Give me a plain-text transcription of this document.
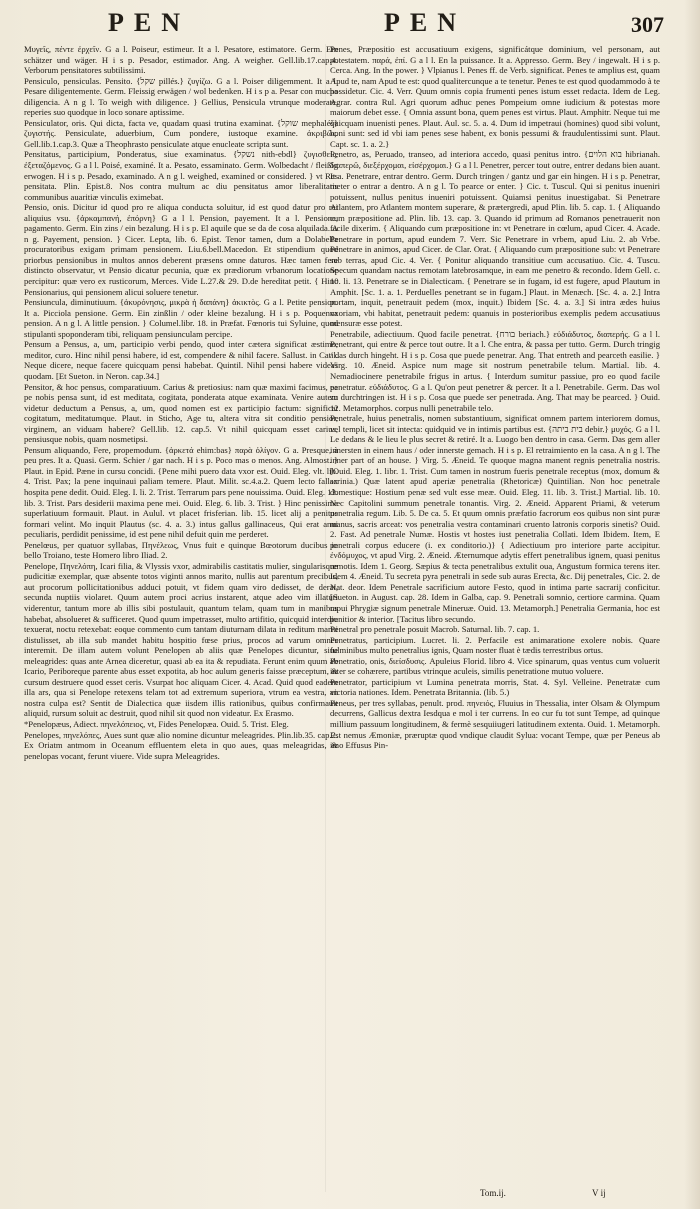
PEN	PEN	307

Μυγεῖς, πέντε ἐρχεῖν. G a l. Poiseur, estimeur. It a l. Pesatore, estimatore. Germ. Ein schätzer und wäger. H i s p. Pesador, estimador. Ang. A weigher. Gell.lib.17.cap.4. Verborum pensitatores subtilissimi.

Pensiculo, pensiculas. Pensito. {שקל pillés.} ζυγίζω. G a l. Poiser diligemment. It a l. Pesare diligentemente. Germ. Fleissig erwägen / wol bedenken. H i s p a. Pesar con mucha diligencia. A n g l. To weigh with diligence. } Gellius, Pensicula vtrunque moderate, reperies suo quodque in loco sonare aptissime.

Pensiculator, oris. Qui dicta, facta ve, quadam quasi trutina examinat. {שוקל mephaléš} ζυγιστής. Pensiculate, aduerbium, Cum pondere, iustoque examine. ἀκριβῶς. Gell.lib.1.cap.3. Quæ a Theophrasto pensiculate atque enucleate scripta sunt.

Pensitatus, participium, Ponderatus, siue examinatus. {נשקל nith-ebdl} ζυγισθείς, ἐξεταζόμενος. G a l l. Poisé, examiné. It a. Pesato, essaminato. Germ. Wolbedacht / fleißig erwogen. H i s p. Pesado, examinado. A n g l. weighed, examined or considered. } vt Res pensitata. Plin. Epist.8. Nos contra multum ac diu pensitatus amor liberalitatis communibus auaritiæ vinculis eximebat.

Pensio, onis. Dicitur id quod pro re aliqua conducta soluitur, id est quod datur pro rei aliquius vsu. {ἀρκαμπανή, ἐπόρνη} G a l l. Pension, payement. It a l. Pensione, pagamento. Germ. Ein zins / ein bezalung. H i s p. El aquile que se da de cosa alquilada. A n g. Payement, pension. } Cicer. Lepta, lib. 6. Epist. Tenor tamen, dum a Dolabella procuratoribus exigam primam pensionem. Liu.6.bell.Macedon. Et stipendium quod priorbus pensionibus in multos annos deberent præsens omne daturos. Hæc tamen fere distincto observatur, vt Pensio dicatur pecunia, quæ ex prædiorum vrbanorum locatione percipitur: quæ vero ex rusticorum, Merces. Vide L.27.& 29. D.de hereditat petit. { Hinc Pensionarius, qui pensionem alicui soluere tenetur.

Pensiuncula, diminutiuum. {ἀκυρόνησις, μικρὰ ἡ δαπάνη} ἀκικτὸς. G a l. Petite pension. It a. Picciola pensione. Germ. Ein zinßlin / oder kleine bezalung. H i s p. Poquenna pension. A n g l. A little pension. } Columel.libr. 18. in Præfat. Fœnoris tui Syluine, quod stipulanti spoponderam tibi, reliquam pensiunculam percipe.

Pensum a Pensus, a, um, participio verbi pendo, quod inter cætera significat æstimo, meditor, curo. Hinc nihil pensi habere, id est, compendere & nihil facere. Sallust. in Catil. Neque dicere, neque facere quicquam pensi habebat. Quintil. Nihil pensi habere videas quodam. [Et Sueton. in Neron. cap.34.]

Pensitor, & hoc pensus, comparatiuum. Carius & pretiosius: nam quæ maximi facimus, ea pe nobis pensa sunt, id est meditata, cogitata, ponderata atque examinata. Venire autem videtur deductum a Pensus, a, um, quod nomen est ex participio factum: significat cogitatum, meditatumque. Plaut. in Sticho, Age tu, altera vitra sit conditio pensior, virginem, an viduam habere? Gell.lib. 12. cap.5. Vt nihil quicquam esset carius, pensiusque nobis, quam nosmetipsi.

Pensum aliquando, Fere, propemodum. {ἀρκετά ehim:bas} παρὰ ὀλίγον. G a. Presque, à peu pres. It a. Quasi. Germ. Schier / gar nach. H i s p. Poco mas o menos. Ang. Almost. } Plaut. in Epid. Pæne in cursu concidi. {Pene mihi puero data vxor est. Ouid. Eleg. vlt. lib. 4. Trist. Pax; la pene inquinaui paliam temere. Plaut. Milit. sc.4.a.2. Quem lecto fallax hospita pene dedit. Ouid. Eleg. I. li. 2. Trist. Terrarum pars pene nouissima. Ouid. Eleg. 13. lib. 3. Trist. Pars desiderii maxima pene mei. Ouid. Eleg. 6. lib. 3. Trist. } Hinc penissime superlatiuum formauit. Plaut. in Aulul. vt placet frisferian. lib. 15. licet alij a penitus formari velint. Mo inquit Plautus (sc. 4. a. 3.) intus gallus gallinaceus, Qui erat anui peculiaris, perdidit penissime, id est pene nihil defuit quin me perderet.

Penelœus, per quatuor syllabas, Πηνέλεως, Vnus fuit e quinque Bœotorum ducibus in bello Troiano, teste Homero libro Iliad. 2.

Penelope, Πηνελόπη, Icari filia, & Vlyssis vxor, admirabilis castitatis mulier, singularisque pudicitiæ exemplar, quæ absente totos viginti annos marito, nullis aut parentum precibus, aut procorum pollicitationibus adduci potuit, vt fidem quam viro dedisset, de derat, secunda nuptiis violaret. Quum autem proci acrius instarent, atque adeo vim illaturi viderentur, tantum more ab illis sibi postulauit, quantum telam, quam tum in manibus habebat, absolueret & sufficeret. Quod quum impetrasset, multo artifitio, quicquid interdiu texuerat, noctu retexebat: eoque commento cum tantam diuturnam dilata in reditum mariti distulisset, ab illa sub mandet habitu hospitio fœse prius, procos ad varum omnes interemit. De illam autem volunt Penelopen ab aliis quæ Penelopes dicuntur, siue meleagrides: quas ante Arnea diceretur, quasi ab ea ita & repudiata. Ferunt enim quum ab Icario, Periboreque parente abus esset expotita, ab hoc aulum generis faisse præceptum, & cursum destruere quod esset ceris. Vsurpat hoc aliquam Cicer. 4. Acad. Quid quod eadem illa ars, qua si Penelope retexens telam tot ad extremum superiora, vtrum ea vestra, an nostra culpa est? Sentit de Dialectica quæ iisdem illis rationibus, quibus confirmauit aliquid, rursum soluit ac destruit, quod nihil sit quod non videatur. Ex Erasmo.

*Penelopæus, Adiect. πηνελόπειος, vt, Fides Penelopæa. Ouid. 5. Trist. Eleg.

Penelopes, πηνελόπες, Aues sunt quæ alio nomine dicuntur meleagrides. Plin.lib.35. cap.2. Ex Oriatm antmom in Oceanum effluentem eleta in quo aues, quas meleagridas, & penelopas vocant, ferunt viuere. Vide supra Meleagrides.

Penes, Præpositio est accusatiuum exigens, significátque dominium, vel personam, aut potestatem. παρά, ἐπί. G a l l. En la puissance. It a. Appresso. Germ. Bey / ingewalt. H i s p. Cerca. Ang. In the power. } Vlpianus l. Penes ff. de Verb. significat. Penes te amplius est, quam Apud te, nam Apud te est: quod qualitercunque a te tenetur. Penes te est quod quodammodo à te possidetur. Cic. 4. Verr. Quum omnis copia frumenti penes istum esset redacta. Idem de Leg. Agrar. contra Rul. Agri quorum adhuc penes Pompeium omne iudicium & potestas more maiorum debet esse. { Omnia assunt bona, quem penes est virtus. Plaut. Amphitr. Neque tui me quicquam inuenisti penes. Plaut. Aul. sc. 5. a. 4. Dum id impetraui (homines) quod sibi volunt, boni sunt: sed id vbi iam penes sese habent, ex bonis pessumi & fraudulentissimi sunt. Plaut. Capt. sc. 1. a. 2.}

Penetro, as, Peruado, transeo, ad interiora accedo, quasi penitus intro. {בוא הלוים hibrianah. διαπερῶ, διεξέρχομαι, εἰσέρχομαι.} G a l l. Penetrer, percer tout outre, entrer dedans bien auant. It a. Penetrare, entrar dentro. Germ. Durch tringen / gantz und gar ein hingen. H i s p. Penetrar, meter o entrar a dentro. A n g l. To pearce or enter. } Cic. t. Tuscul. Qui si penitus inueniri potuissent, nullus penitus inueniri potuissent. Quiamsi penitus inuestigabat. Si Penetrare Atlantem, pro Atlantem montem superare, & prætergredi, apud Plin. lib. 5. cap. 1. { Aliquando cum præpositione ad. Plin. lib. 13. cap. 3. Quando id primum ad Romanos penetrauerit non facile dixerim. { Aliquando cum præpositione in: vt Penetrare in cœlum, apud Cicer. 4. Acade. Penetrare in portum, apud eundem 7. Verr. Sic Penetrare in vrbem, apud Liu. 2. ab Vrbe. Penetrare in animos, apud Cicer. de Clar. Orat. { Aliquando cum præpositione sub: vt Penetrare sub terras, apud Cic. 4. Ver. { Ponitur aliquando transitiue cum accusatiuo. Cic. 4. Tuscu. Specum quandam nactus remotam latebrosamque, in eam me penetro & recondo. Idem Gell. c. 10. li. 13. Penetrare se in Dialecticam. { Penetrare se in fugam, id est fugere, apud Plautum in Amphit. [Sc. 1. a. 1. Perduelles penetrant se in fugam.] Plaut. in Menæch. [Sc. 4. a. 2.] Intra portam, inquit, penetrauit pedem (mox, inquit.) Ibidem [Sc. 4. a. 3.] Si intra ædes huius vxoriam, vbi habitat, penetrauit pedem: quanuis in posterioribus exemplis pedem accusatiuus mensuræ esse potest.

Penetrabile, adiectiuum. Quod facile penetrat. {בורח beriach.} εὐδιάδυτος, διαπερής. G a l l. Penetrant, qui entre & perce tout outre. It a l. Che entra, & passa per tutto. Germ. Durch tringig / das durch hingeht. H i s p. Cosa que puede penetrar. Ang. That entreth and pearceth easilie. } Virg. 10. Æneid. Aspice num mage sit nostrum penetrabile telum. Martial. lib. 4. Nemadiocinere penetrabile frigus in artus. { Interdum sumitur passiue, pro eo quod facile penetratur. εὐδιάδυτος. G a l. Qu'on peut penetrer & percer. It a l. Penetrabile. Germ. Das wol zu durchtringen ist. H i s p. Cosa que puede ser penetrada. Ang. That may be pearced. } Ouid. 12. Metamorphos. corpus nulli penetrabile telo.

Penetrale, huius penetralis, nomen substantiuum, significat omnem partem interiorem domus, vel templi, licet sit intecta: quidquid ve in intimis partibus est. {בית ביתה debir.} μυχός. G a l l. Le dedans & le lieu le plus secret & retiré. It a. Luogo ben dentro in casa. Germ. Das gem aller innersten in einem haus / oder innerste gemach. H i s p. El retraimiento en la casa. A n g l. The inner part of an house. } Virg. 5. Æneid. Te quoque magna manent regnis penetralia nostris. [Ouid. Eleg. 1. libr. 1. Trist. Cum tamen in nostrum fueris penetrale receptus (mox, domum & scrinia.) Quæ latent apud aperiæ penetralia (Rhetoricæ) Quintilian. Non hoc penetrale domestique: Hostium penæ sed vult esse meæ. Ouid. Eleg. 11. lib. 3. Trist.] Martial. lib. 10. Nec Capitolini summum penetrale tonantis. Virg. 2. Æneid. Apparent Priami, & veterum penetralia regum. Lib. 5. De ca. 5. Et quum omnis præfatio facrorum eos quibus non sint puræ manus, sacris arceat: vos penetralia vestra contaminari cruento latronis corporis sinetis? Ouid. 2. Fast. Ad penetrale Numæ. Hostis vt hostes iust penetralia Collati. Idem Ibidem. Item, E penetrali corpus educere (i. ex conditorio.)} { Adiectiuum pro interiore parte accipitur. ἐνδόμυχος, vt apud Virg. 2. Æneid. Æternumque adytis effert penetralibus ignem, quasi penitus remotis. Idem 1. Georg. Sæpius & tecta penetralibus extulit oua, Angustum formica terens iter. Idem 4. Æneid. Tu secreta pyra penetrali in sede sub auras Erecta, &c. Dij penetrales, Cic. 2. de Nat. deor. Idem Penetrale sacrificium autore Festo, quod in intima parte sacrarij conficitur. [Sueton. in August. cap. 28. Idem in Galba, cap. 9. Penetrali somnio, certiore carmina. Quam rapui Phrygiæ signum penetrale Mineruæ. Ouid. 13. Metamorph.] Penetralia Germania, hoc est penitior & interior. [Tacitus libro secundo.

Penetral pro penetrale posuit Macrob. Saturnal. lib. 7. cap. 1.

Penetratus, participium. Lucret. li. 2. Perfacile est animaratione exolere nobis. Quare fulminibus multo penetralius ignis, Quam noster fluat è tædis terrestribus ortus.

Penetratio, onis, διείσδυσις. Apuleius Florid. libro 4. Vice spinarum, quas ventus cum voluerit inter se cohærere, partibus vtrinque aculeis, similis penetratione mutuo voluere.

Penetrator, participium vt Lumina penetrata morris, Stat. 4. Syl. Velleine. Penetratæ cum victoria nationes. Idem. Penetrata Britannia. (lib. 5.)

Peneus, per tres syllabas, penult. prod. πηνειός, Fluuius in Thessalia, inter Olsam & Olympum decurrens, Gallicus dextra Iesdqua e mol i ter currens. In eo cur fu tot sunt Tempe, ad quinque millium passuum longitudinem, & fermè sesquiiugeri latitudinem extenta. Ouid. 1. Metamorph. Est nemus Æmoniæ, præruptæ quod vndique claudit Sylua: vocant Tempe, quæ per Peneus ab imo Effusus Pin-

Tom.ij.	V ij
